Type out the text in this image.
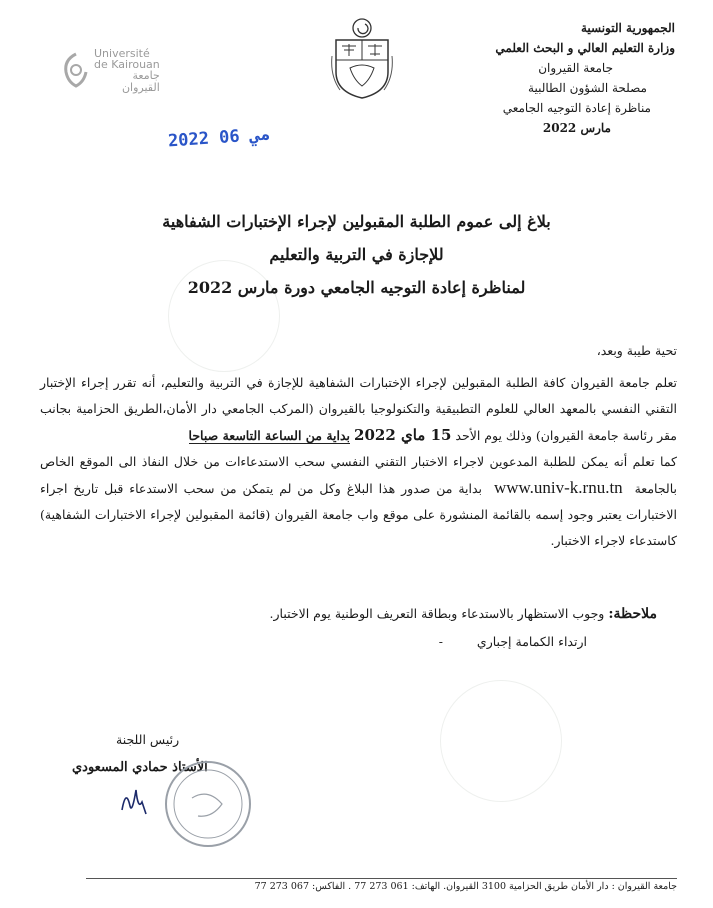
الجمهورية التونسية
وزارة التعليم العالي و البحث العلمي
جامعة القيروان
مصلحة الشؤون الطالبية
مناظرة إعادة التوجيه الجامعي
مارس 2022
Université
de Kairouan
جامعة
القيروان
2022 مي 06
بلاغ إلى عموم الطلبة المقبولين لإجراء الإختبارات الشفاهية
للإجازة في التربية والتعليم
لمناظرة إعادة التوجيه الجامعي دورة مارس 2022
تحية طيبة وبعد،

تعلم جامعة القيروان كافة الطلبة المقبولين لإجراء الإختبارات الشفاهية للإجازة في التربية والتعليم، أنه تقرر إجراء الإختبار التقني النفسي بالمعهد العالي للعلوم التطبيقية والتكنولوجيا بالقيروان (المركب الجامعي دار الأمان،الطريق الحزامية بجانب مقر رئاسة جامعة القيروان) وذلك يوم الأحد 15 ماي 2022 بداية من الساعة التاسعة صباحا

كما تعلم أنه يمكن للطلبة المدعوين لاجراء الاختبار التقني النفسي سحب الاستدعاءات من خلال النفاذ الى الموقع الخاص بالجامعة www.univ-k.rnu.tn بداية من صدور هذا البلاغ وكل من لم يتمكن من سحب الاستدعاء قبل تاريخ اجراء الاختبارات يعتبر وجود إسمه بالقائمة المنشورة على موقع واب جامعة القيروان (قائمة المقبولين لإجراء الاختبارات الشفاهية) كاستدعاء لاجراء الاختبار.

ملاحظة: وجوب الاستظهار بالاستدعاء وبطاقة التعريف الوطنية يوم الاختبار.
ارتداء الكمامة إجباري -
رئيس اللجنة
الأستاذ حمادي المسعودي
جامعة القيروان : دار الأمان طريق الحزامية 3100 القيروان. الهاتف: 061 273 77 . الفاكس: 067 273 77
